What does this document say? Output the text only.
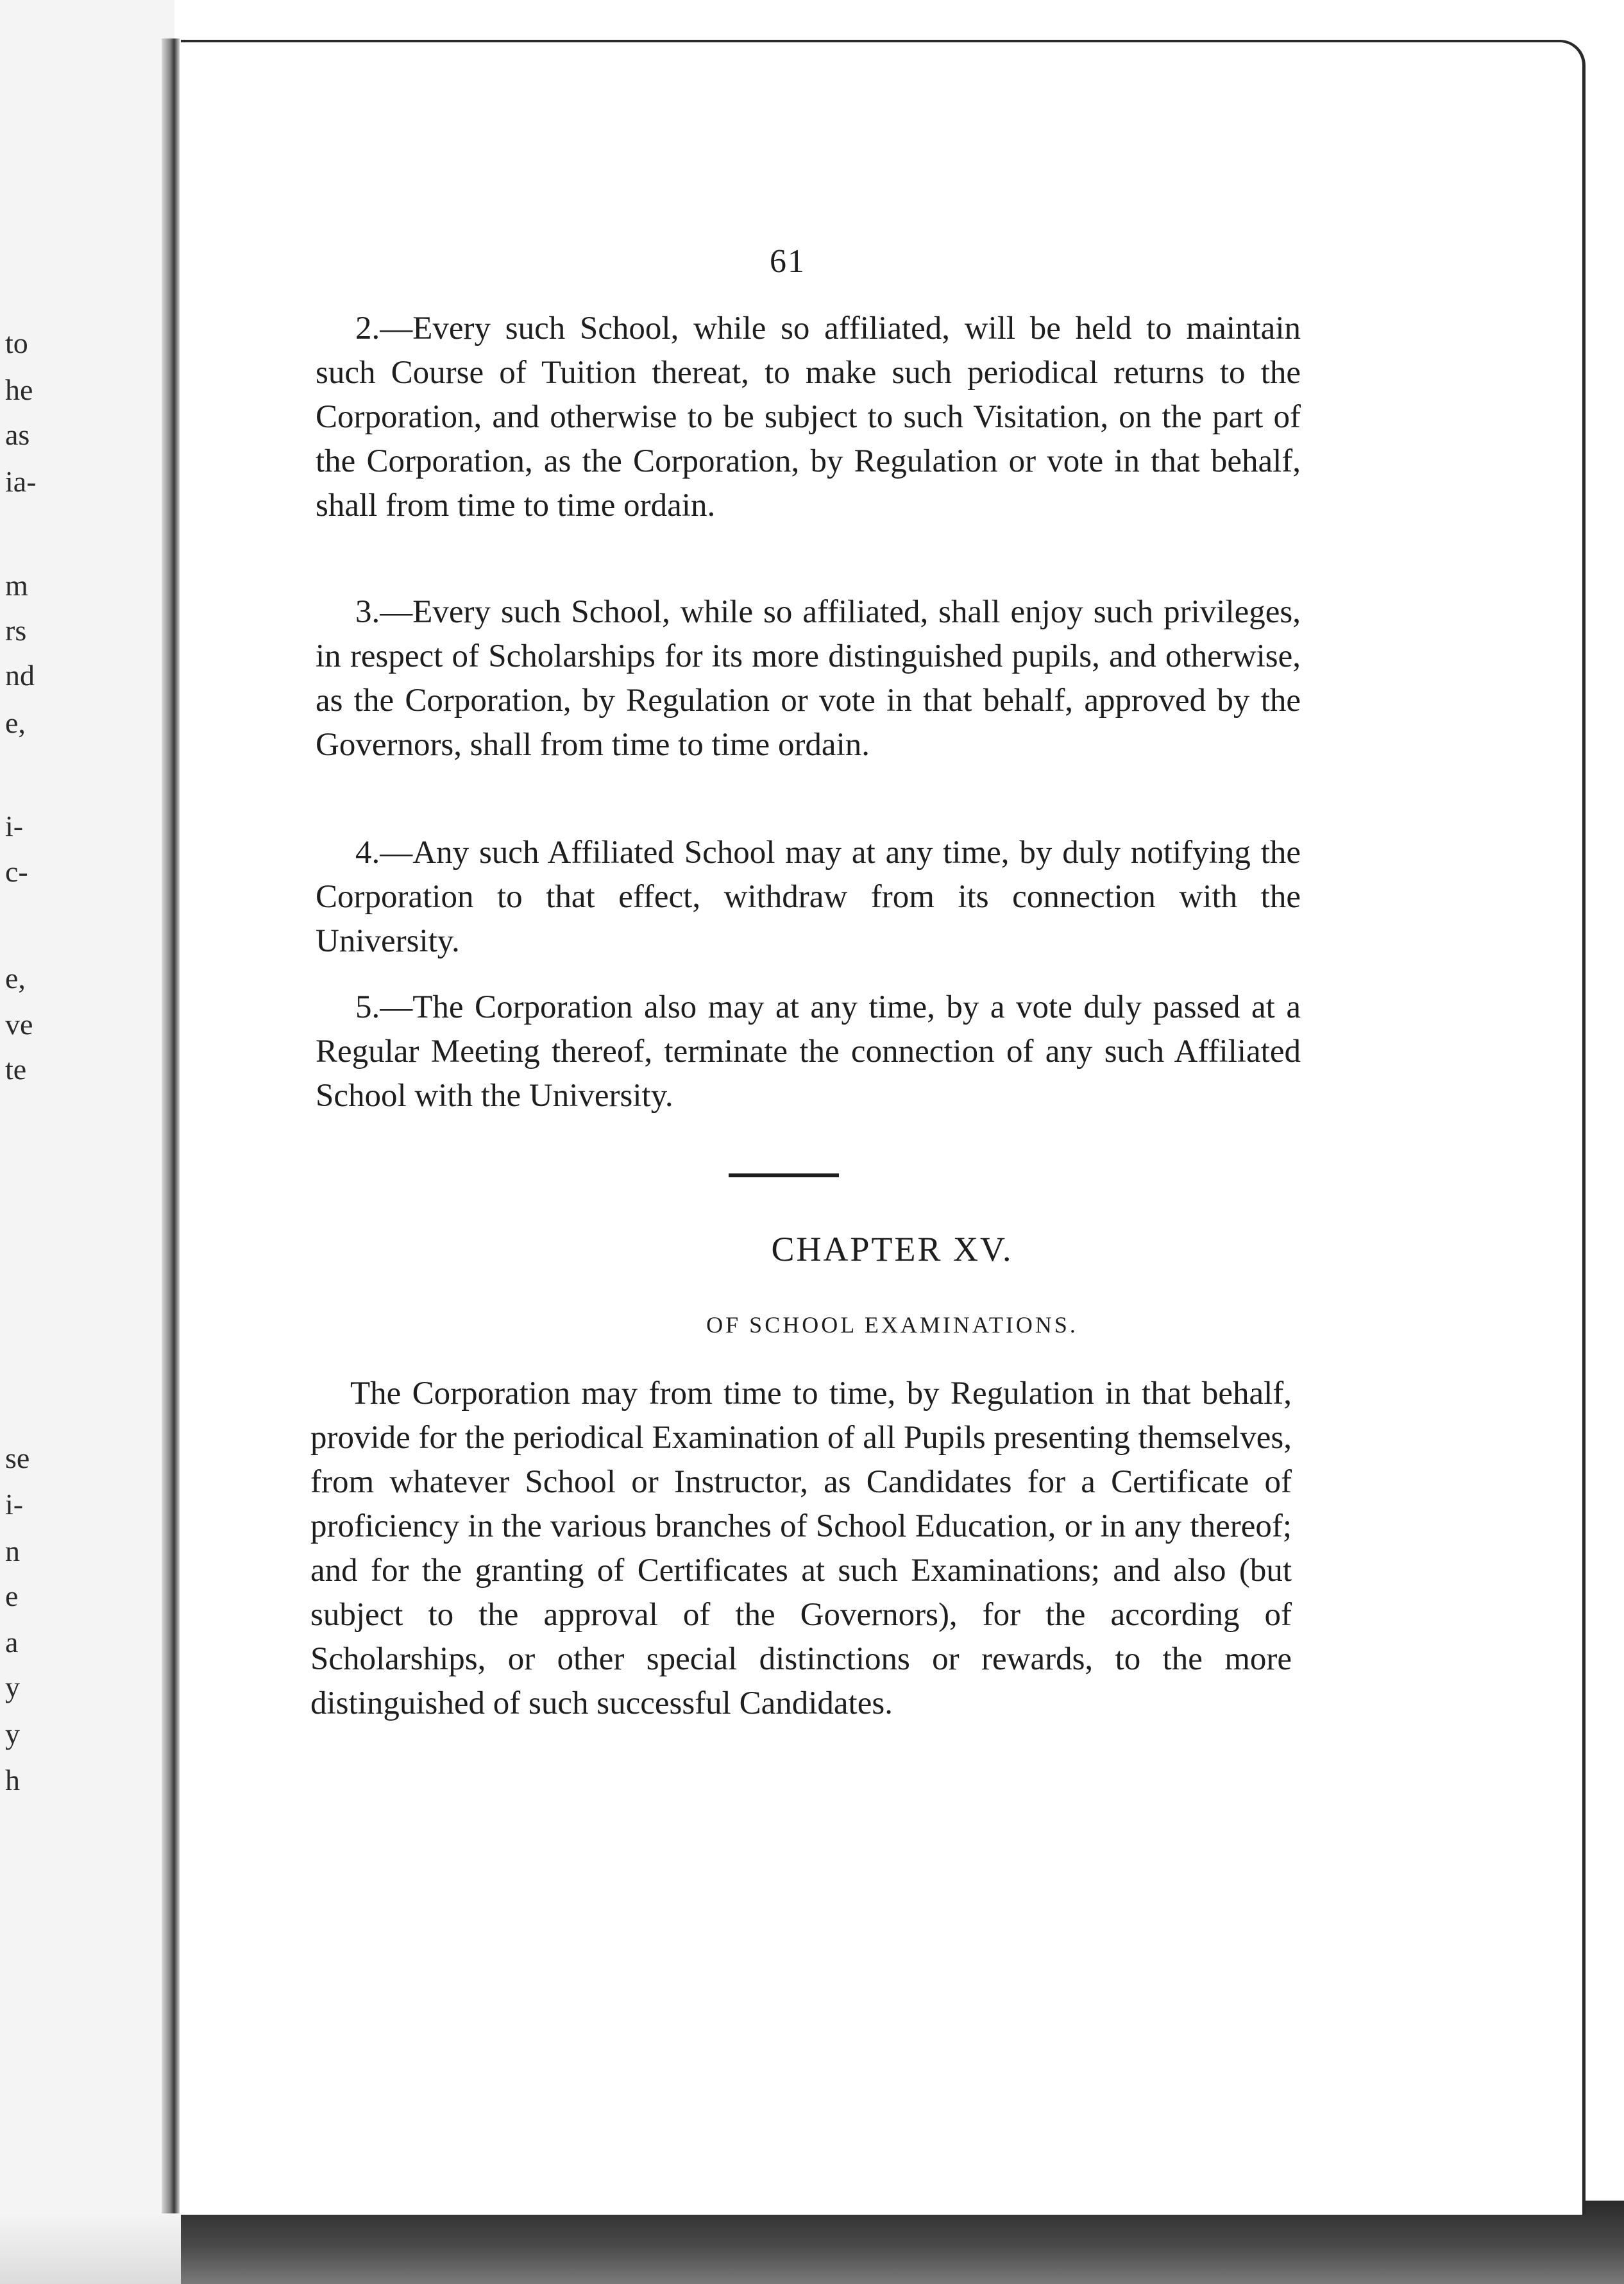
to
he
as
ia-
m
rs
nd
e,
i-
c-
e,
ve
te
se
i-
n
e
a
y
y
h
61

2.—Every such School, while so affiliated, will be held to maintain such Course of Tuition thereat, to make such periodical returns to the Corporation, and otherwise to be subject to such Visitation, on the part of the Corporation, as the Corporation, by Regulation or vote in that behalf, shall from time to time ordain.

3.—Every such School, while so affiliated, shall enjoy such privileges, in respect of Scholarships for its more distinguished pupils, and otherwise, as the Corporation, by Regulation or vote in that behalf, approved by the Governors, shall from time to time ordain.

4.—Any such Affiliated School may at any time, by duly notifying the Corporation to that effect, withdraw from its connection with the University.

5.—The Corporation also may at any time, by a vote duly passed at a Regular Meeting thereof, terminate the connection of any such Affiliated School with the University.

CHAPTER XV.
OF SCHOOL EXAMINATIONS.

The Corporation may from time to time, by Regulation in that behalf, provide for the periodical Examination of all Pupils presenting themselves, from whatever School or Instructor, as Candidates for a Certificate of proficiency in the various branches of School Education, or in any thereof; and for the granting of Certificates at such Examinations; and also (but subject to the approval of the Governors), for the according of Scholarships, or other special distinctions or rewards, to the more distinguished of such successful Candidates.
